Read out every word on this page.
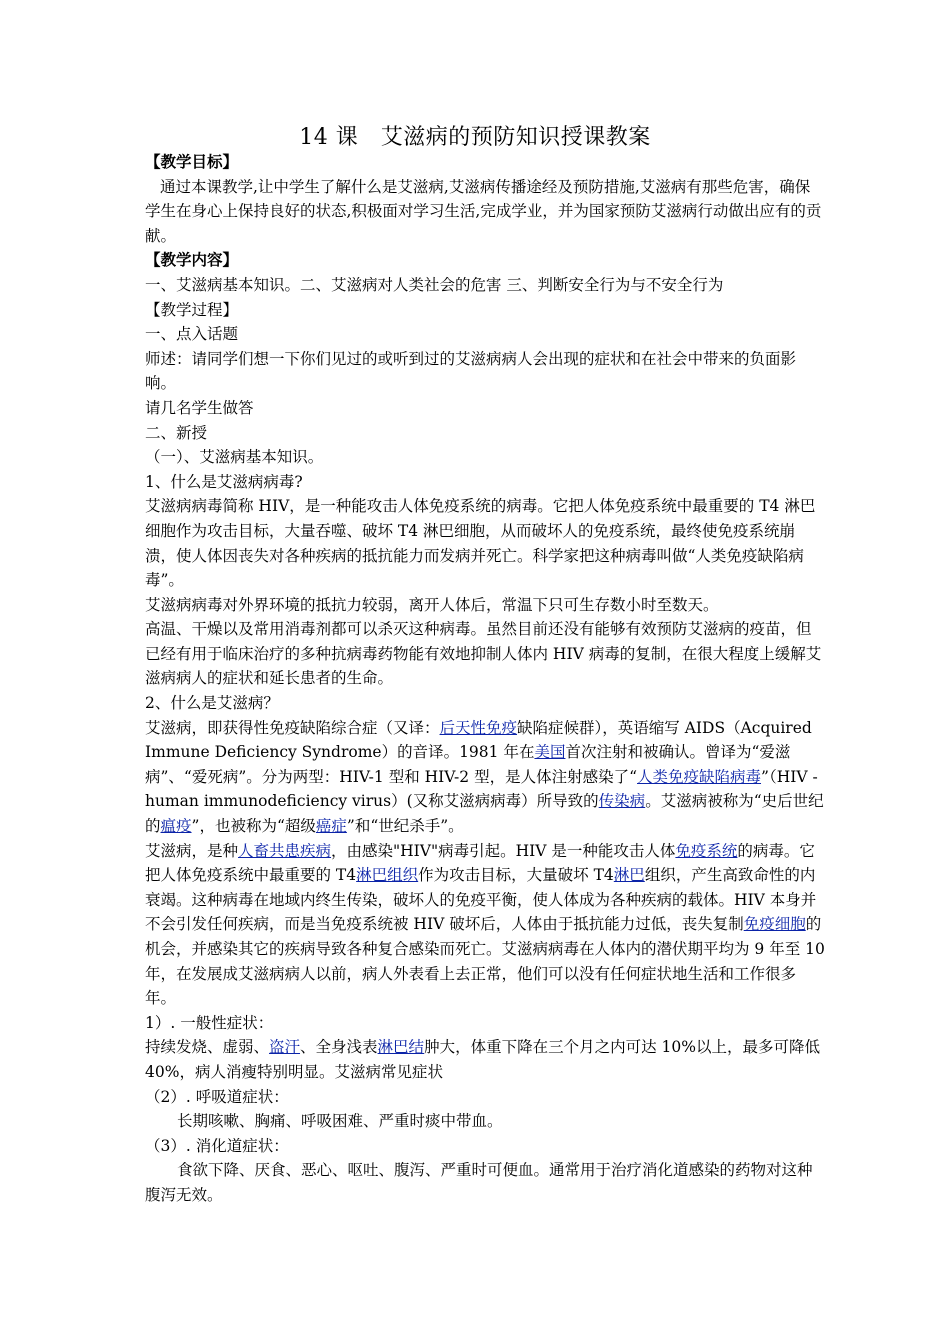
14 课　艾滋病的预防知识授课教案

【教学目标】

通过本课教学,让中学生了解什么是艾滋病,艾滋病传播途经及预防措施,艾滋病有那些危害，确保学生在身心上保持良好的状态,积极面对学习生活,完成学业，并为国家预防艾滋病行动做出应有的贡献。

【教学内容】

一、艾滋病基本知识。二、艾滋病对人类社会的危害 三、判断安全行为与不安全行为

【教学过程】

一、点入话题

师述：请同学们想一下你们见过的或听到过的艾滋病病人会出现的症状和在社会中带来的负面影响。

请几名学生做答

二、新授

（一）、艾滋病基本知识。

1、什么是艾滋病病毒?

艾滋病病毒简称 HIV，是一种能攻击人体免疫系统的病毒。它把人体免疫系统中最重要的 T4 淋巴细胞作为攻击目标，大量吞噬、破坏 T4 淋巴细胞，从而破坏人的免疫系统，最终使免疫系统崩溃，使人体因丧失对各种疾病的抵抗能力而发病并死亡。科学家把这种病毒叫做“人类免疫缺陷病毒”。

艾滋病病毒对外界环境的抵抗力较弱，离开人体后，常温下只可生存数小时至数天。

高温、干燥以及常用消毒剂都可以杀灭这种病毒。虽然目前还没有能够有效预防艾滋病的疫苗，但已经有用于临床治疗的多种抗病毒药物能有效地抑制人体内 HIV 病毒的复制，在很大程度上缓解艾滋病病人的症状和延长患者的生命。

2、什么是艾滋病？

艾滋病，即获得性免疫缺陷综合症（又译：后天性免疫缺陷症候群），英语缩写 AIDS（Acquired Immune Deficiency Syndrome）的音译。1981 年在美国首次注射和被确认。曾译为“爱滋病”、“爱死病”。分为两型：HIV-1 型和 HIV-2 型，是人体注射感染了“人类免疫缺陷病毒”（HIV - human immunodeficiency virus）(又称艾滋病病毒）所导致的传染病。艾滋病被称为“史后世纪的瘟疫”，也被称为“超级癌症”和“世纪杀手”。

艾滋病，是种人畜共患疾病，由感染"HIV"病毒引起。HIV 是一种能攻击人体免疫系统的病毒。它把人体免疫系统中最重要的 T4淋巴组织作为攻击目标，大量破坏 T4淋巴组织，产生高致命性的内衰竭。这种病毒在地域内终生传染，破坏人的免疫平衡，使人体成为各种疾病的载体。HIV 本身并不会引发任何疾病，而是当免疫系统被 HIV 破坏后，人体由于抵抗能力过低，丧失复制免疫细胞的机会，并感染其它的疾病导致各种复合感染而死亡。艾滋病病毒在人体内的潜伏期平均为 9 年至 10 年，在发展成艾滋病病人以前，病人外表看上去正常，他们可以没有任何症状地生活和工作很多年。

1）. 一般性症状：

持续发烧、虚弱、盗汗、全身浅表淋巴结肿大，体重下降在三个月之内可达 10%以上，最多可降低 40%，病人消瘦特别明显。艾滋病常见症状

（2）. 呼吸道症状：

长期咳嗽、胸痛、呼吸困难、严重时痰中带血。

（3）. 消化道症状：

食欲下降、厌食、恶心、呕吐、腹泻、严重时可便血。通常用于治疗消化道感染的药物对这种腹泻无效。
